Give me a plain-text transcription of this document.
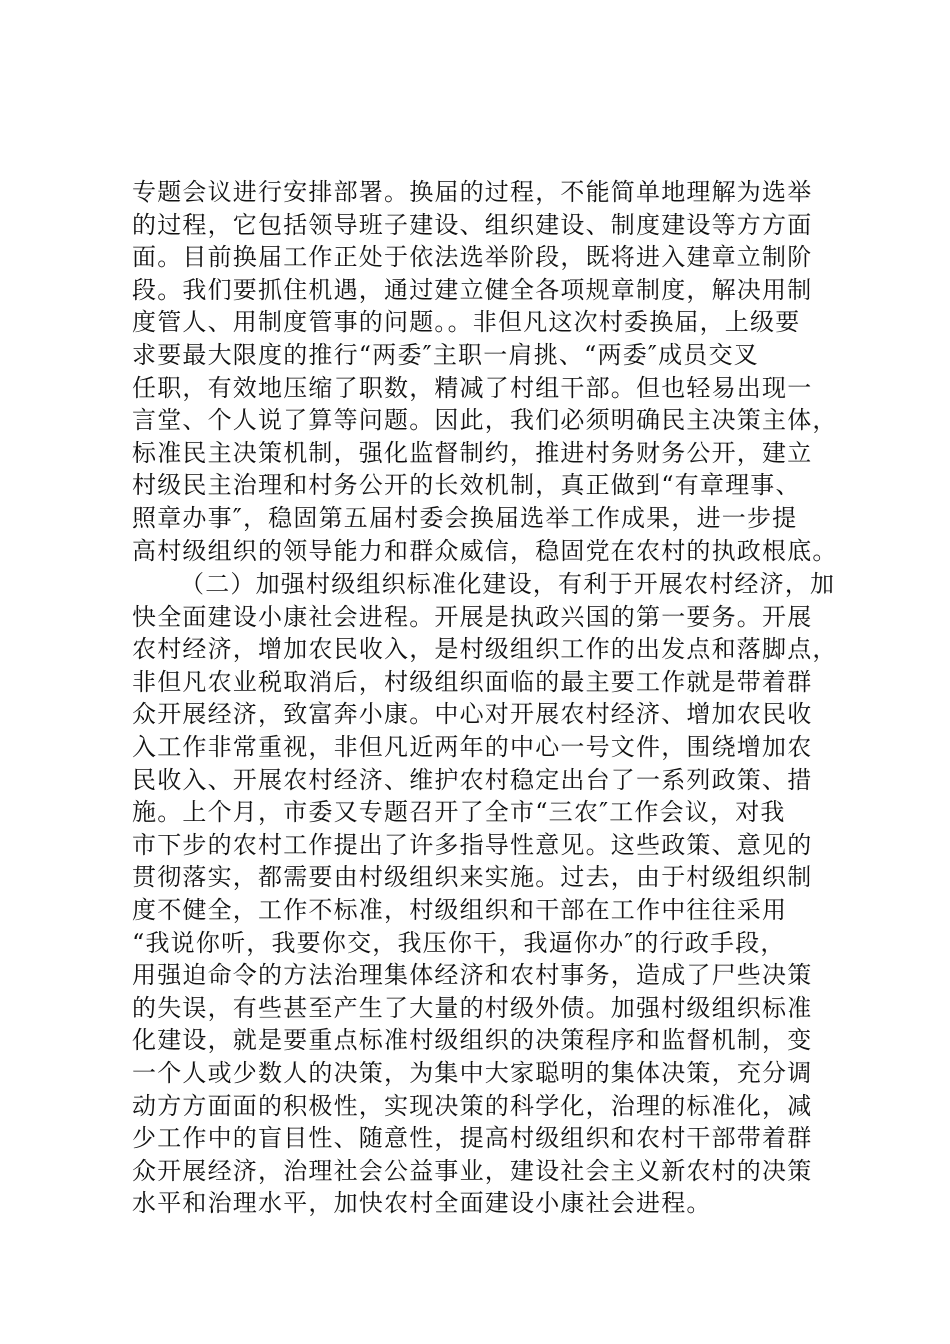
专题会议进行安排部署。换届的过程，不能简单地理解为选举
的过程，它包括领导班子建设、组织建设、制度建设等方方面
面。目前换届工作正处于依法选举阶段，既将进入建章立制阶
段。我们要抓住机遇，通过建立健全各项规章制度，解决用制
度管人、用制度管事的问题。。非但凡这次村委换届，上级要
求要最大限度的推行“两委″主职一肩挑、“两委″成员交叉
任职，有效地压缩了职数，精减了村组干部。但也轻易出现一
言堂、个人说了算等问题。因此，我们必须明确民主决策主体，
标准民主决策机制，强化监督制约，推进村务财务公开，建立
村级民主治理和村务公开的长效机制，真正做到“有章理事、
照章办事″，稳固第五届村委会换届选举工作成果，进一步提
高村级组织的领导能力和群众威信，稳固党在农村的执政根底。
（二）加强村级组织标准化建设，有利于开展农村经济，加
快全面建设小康社会进程。开展是执政兴国的第一要务。开展
农村经济，增加农民收入，是村级组织工作的出发点和落脚点，
非但凡农业税取消后，村级组织面临的最主要工作就是带着群
众开展经济，致富奔小康。中心对开展农村经济、增加农民收
入工作非常重视，非但凡近两年的中心一号文件，围绕增加农
民收入、开展农村经济、维护农村稳定出台了一系列政策、措
施。上个月，市委又专题召开了全市“三农″工作会议，对我
市下步的农村工作提出了许多指导性意见。这些政策、意见的
贯彻落实，都需要由村级组织来实施。过去，由于村级组织制
度不健全，工作不标准，村级组织和干部在工作中往往采用
“我说你听，我要你交，我压你干，我逼你办″的行政手段，
用强迫命令的方法治理集体经济和农村事务，造成了尸些决策
的失误，有些甚至产生了大量的村级外债。加强村级组织标准
化建设，就是要重点标准村级组织的决策程序和监督机制，变
一个人或少数人的决策，为集中大家聪明的集体决策，充分调
动方方面面的积极性，实现决策的科学化，治理的标准化，减
少工作中的盲目性、随意性，提高村级组织和农村干部带着群
众开展经济，治理社会公益事业，建设社会主义新农村的决策
水平和治理水平，加快农村全面建设小康社会进程。
